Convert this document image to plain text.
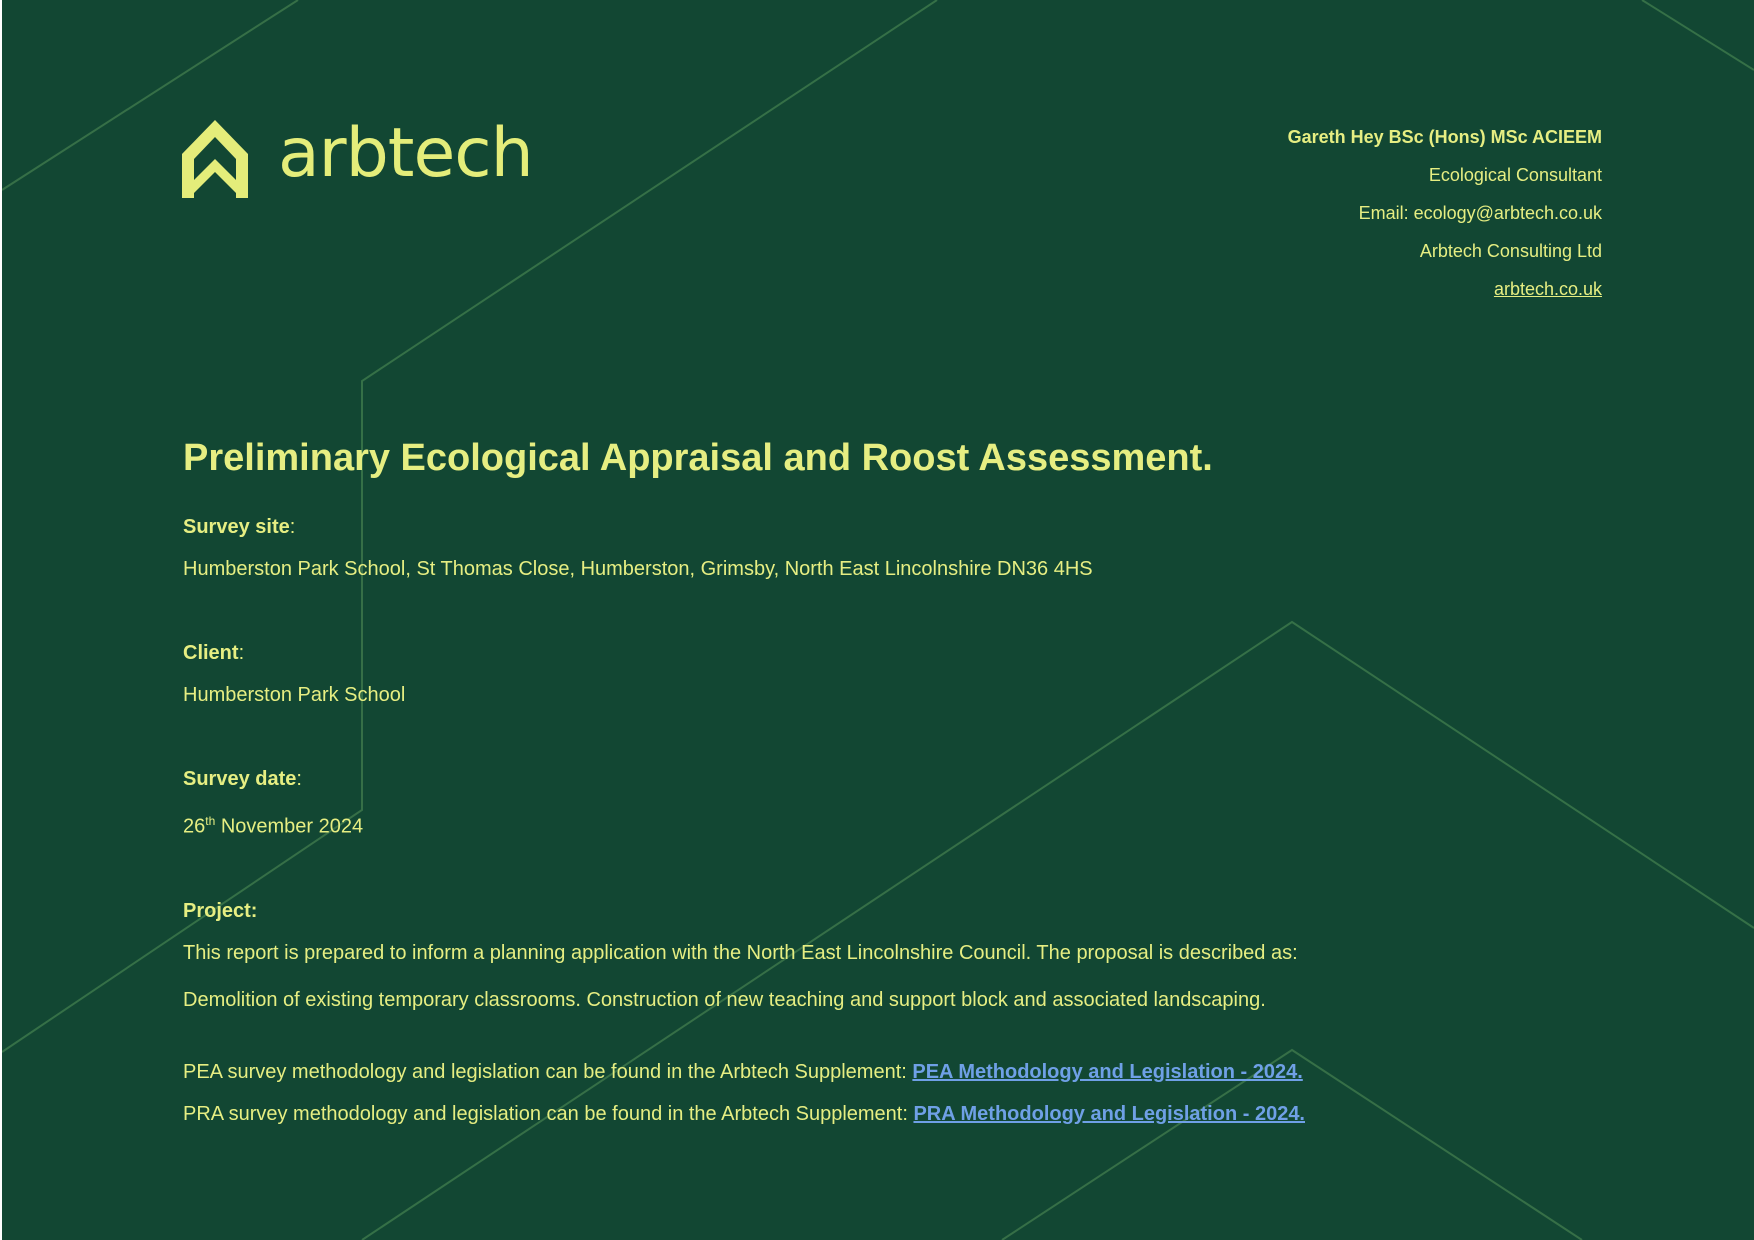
arbtech	Gareth Hey BSc (Hons) MSc ACIEEM
Ecological Consultant
Email: ecology@arbtech.co.uk
Arbtech Consulting Ltd
arbtech.co.uk
Preliminary Ecological Appraisal and Roost Assessment.

Survey site:

Humberston Park School, St Thomas Close, Humberston, Grimsby, North East Lincolnshire DN36 4HS

Client:

Humberston Park School

Survey date:

26th November 2024

Project:

This report is prepared to inform a planning application with the North East Lincolnshire Council. The proposal is described as:

Demolition of existing temporary classrooms. Construction of new teaching and support block and associated landscaping.

PEA survey methodology and legislation can be found in the Arbtech Supplement: PEA Methodology and Legislation - 2024.

PRA survey methodology and legislation can be found in the Arbtech Supplement: PRA Methodology and Legislation - 2024.
